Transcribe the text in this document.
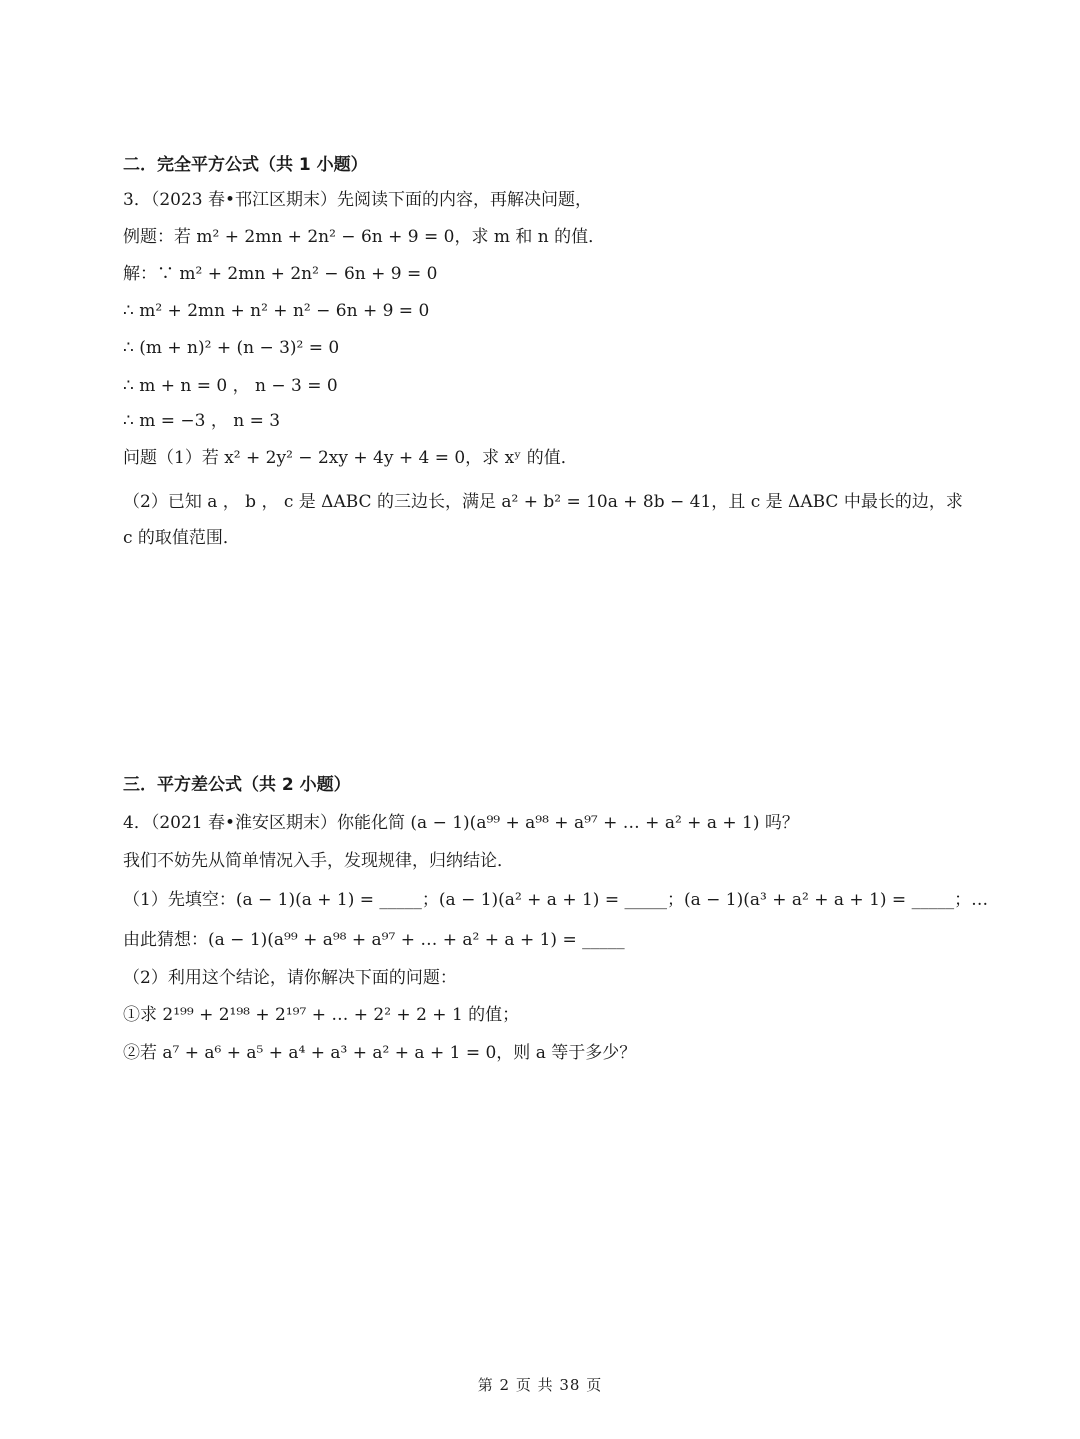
二．完全平方公式（共 1 小题）
3．（2023 春•邗江区期末）先阅读下面的内容，再解决问题，
例题：若 m² + 2mn + 2n² − 6n + 9 = 0，求 m 和 n 的值．
解：∵ m² + 2mn + 2n² − 6n + 9 = 0
∴ m² + 2mn + n² + n² − 6n + 9 = 0
∴ (m + n)² + (n − 3)² = 0
∴ m + n = 0 ， n − 3 = 0
∴ m = −3 ， n = 3
问题（1）若 x² + 2y² − 2xy + 4y + 4 = 0，求 xʸ 的值．
（2）已知 a ， b ， c 是 ΔABC 的三边长，满足 a² + b² = 10a + 8b − 41，且 c 是 ΔABC 中最长的边，求 c 的取值范围．
三．平方差公式（共 2 小题）
4．（2021 春•淮安区期末）你能化简 (a − 1)(a⁹⁹ + a⁹⁸ + a⁹⁷ + … + a² + a + 1) 吗？
我们不妨先从简单情况入手，发现规律，归纳结论．
（1）先填空：(a − 1)(a + 1) = _____；(a − 1)(a² + a + 1) = _____；(a − 1)(a³ + a² + a + 1) = _____；…
由此猜想：(a − 1)(a⁹⁹ + a⁹⁸ + a⁹⁷ + … + a² + a + 1) = _____
（2）利用这个结论，请你解决下面的问题：
①求 2¹⁹⁹ + 2¹⁹⁸ + 2¹⁹⁷ + … + 2² + 2 + 1 的值；
②若 a⁷ + a⁶ + a⁵ + a⁴ + a³ + a² + a + 1 = 0，则 a 等于多少？
第 2 页 共 38 页
